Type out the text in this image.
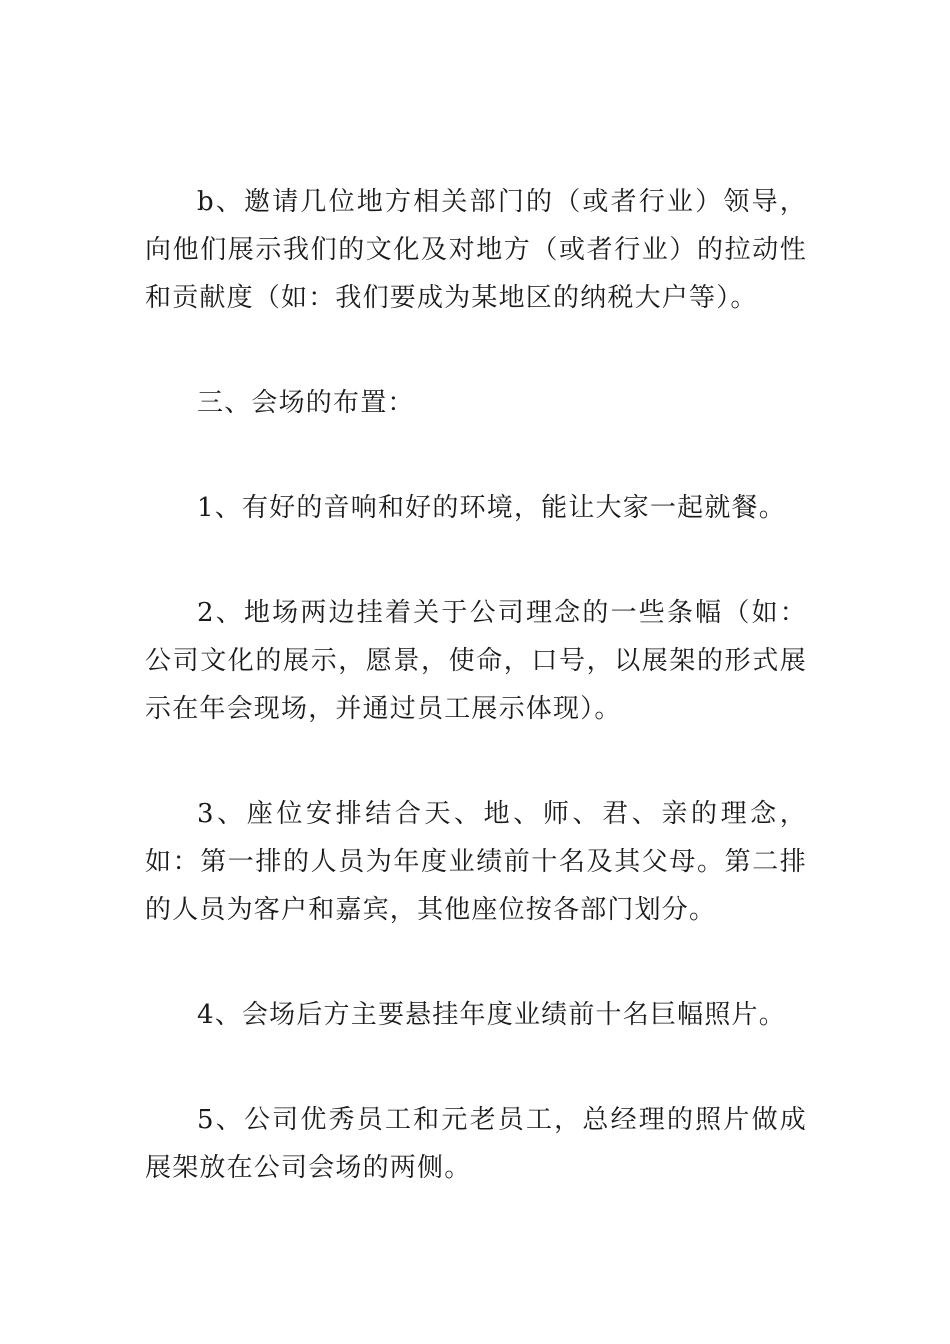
b、邀请几位地方相关部门的（或者行业）领导，向他们展示我们的文化及对地方（或者行业）的拉动性和贡献度（如：我们要成为某地区的纳税大户等）。

三、会场的布置：

1、有好的音响和好的环境，能让大家一起就餐。

2、地场两边挂着关于公司理念的一些条幅（如：公司文化的展示，愿景，使命，口号，以展架的形式展示在年会现场，并通过员工展示体现）。

3、座位安排结合天、地、师、君、亲的理念，如：第一排的人员为年度业绩前十名及其父母。第二排的人员为客户和嘉宾，其他座位按各部门划分。

4、会场后方主要悬挂年度业绩前十名巨幅照片。

5、公司优秀员工和元老员工，总经理的照片做成展架放在公司会场的两侧。
